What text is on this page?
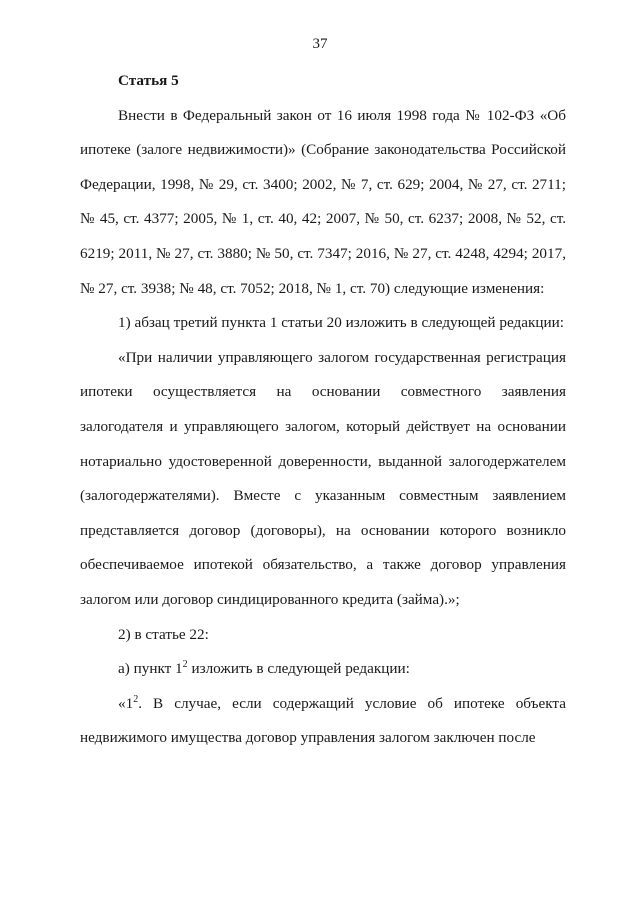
37

Статья 5

Внести в Федеральный закон от 16 июля 1998 года № 102-ФЗ «Об ипотеке (залоге недвижимости)» (Собрание законодательства Российской Федерации, 1998, № 29, ст. 3400; 2002, № 7, ст. 629; 2004, № 27, ст. 2711; № 45, ст. 4377; 2005, № 1, ст. 40, 42; 2007, № 50, ст. 6237; 2008, № 52, ст. 6219; 2011, № 27, ст. 3880; № 50, ст. 7347; 2016, № 27, ст. 4248, 4294; 2017, № 27, ст. 3938; № 48, ст. 7052; 2018, № 1, ст. 70) следующие изменения:

1) абзац третий пункта 1 статьи 20 изложить в следующей редакции:

«При наличии управляющего залогом государственная регистрация ипотеки осуществляется на основании совместного заявления залогодателя и управляющего залогом, который действует на основании нотариально удостоверенной доверенности, выданной залогодержателем (залогодержателями). Вместе с указанным совместным заявлением представляется договор (договоры), на основании которого возникло обеспечиваемое ипотекой обязательство, а также договор управления залогом или договор синдицированного кредита (займа).»;

2) в статье 22:

а) пункт $1^2$ изложить в следующей редакции:

«$1^2$. В случае, если содержащий условие об ипотеке объекта недвижимого имущества договор управления залогом заключен после
